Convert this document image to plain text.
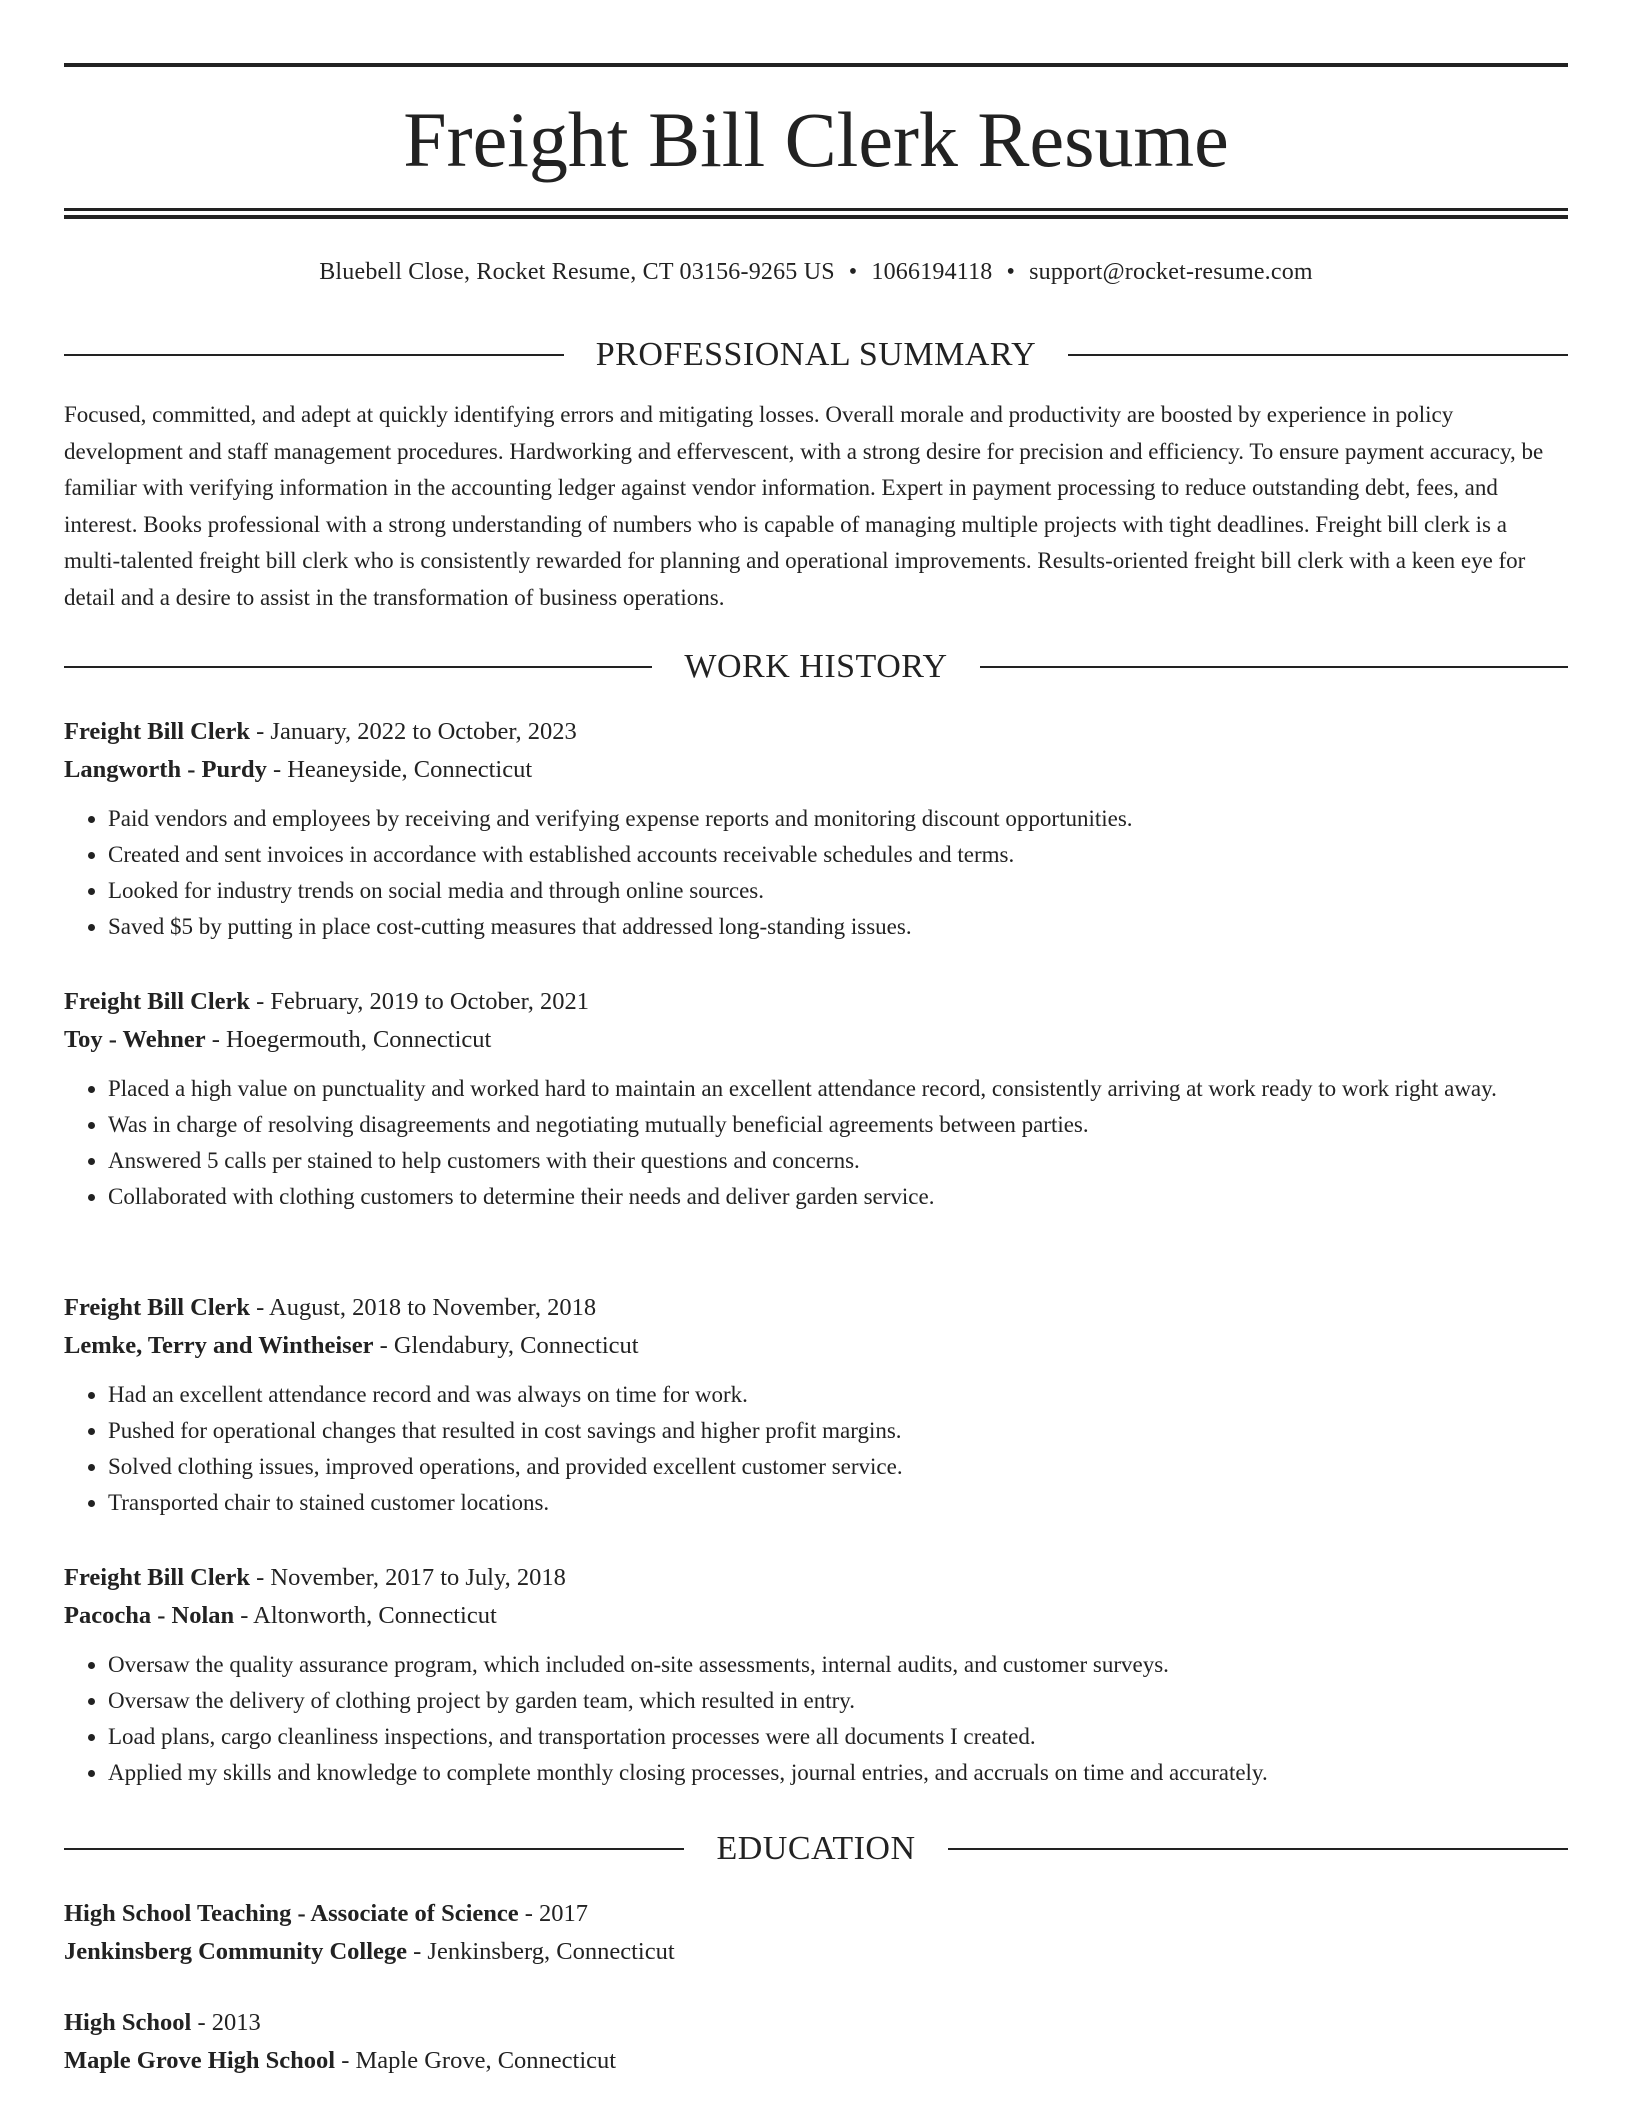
Freight Bill Clerk Resume
Bluebell Close, Rocket Resume, CT 03156-9265 US • 1066194118 • support@rocket-resume.com
PROFESSIONAL SUMMARY

Focused, committed, and adept at quickly identifying errors and mitigating losses. Overall morale and productivity are boosted by experience in policy development and staff management procedures. Hardworking and effervescent, with a strong desire for precision and efficiency. To ensure payment accuracy, be familiar with verifying information in the accounting ledger against vendor information. Expert in payment processing to reduce outstanding debt, fees, and interest. Books professional with a strong understanding of numbers who is capable of managing multiple projects with tight deadlines. Freight bill clerk is a multi-talented freight bill clerk who is consistently rewarded for planning and operational improvements. Results-oriented freight bill clerk with a keen eye for detail and a desire to assist in the transformation of business operations.

WORK HISTORY
Freight Bill Clerk - January, 2022 to October, 2023
Langworth - Purdy - Heaneyside, Connecticut
• Paid vendors and employees by receiving and verifying expense reports and monitoring discount opportunities.
• Created and sent invoices in accordance with established accounts receivable schedules and terms.
• Looked for industry trends on social media and through online sources.
• Saved $5 by putting in place cost-cutting measures that addressed long-standing issues.
Freight Bill Clerk - February, 2019 to October, 2021
Toy - Wehner - Hoegermouth, Connecticut
• Placed a high value on punctuality and worked hard to maintain an excellent attendance record, consistently arriving at work ready to work right away.
• Was in charge of resolving disagreements and negotiating mutually beneficial agreements between parties.
• Answered 5 calls per stained to help customers with their questions and concerns.
• Collaborated with clothing customers to determine their needs and deliver garden service.
Freight Bill Clerk - August, 2018 to November, 2018
Lemke, Terry and Wintheiser - Glendabury, Connecticut
• Had an excellent attendance record and was always on time for work.
• Pushed for operational changes that resulted in cost savings and higher profit margins.
• Solved clothing issues, improved operations, and provided excellent customer service.
• Transported chair to stained customer locations.
Freight Bill Clerk - November, 2017 to July, 2018
Pacocha - Nolan - Altonworth, Connecticut
• Oversaw the quality assurance program, which included on-site assessments, internal audits, and customer surveys.
• Oversaw the delivery of clothing project by garden team, which resulted in entry.
• Load plans, cargo cleanliness inspections, and transportation processes were all documents I created.
• Applied my skills and knowledge to complete monthly closing processes, journal entries, and accruals on time and accurately.
EDUCATION
High School Teaching - Associate of Science - 2017
Jenkinsberg Community College - Jenkinsberg, Connecticut
High School - 2013
Maple Grove High School - Maple Grove, Connecticut
